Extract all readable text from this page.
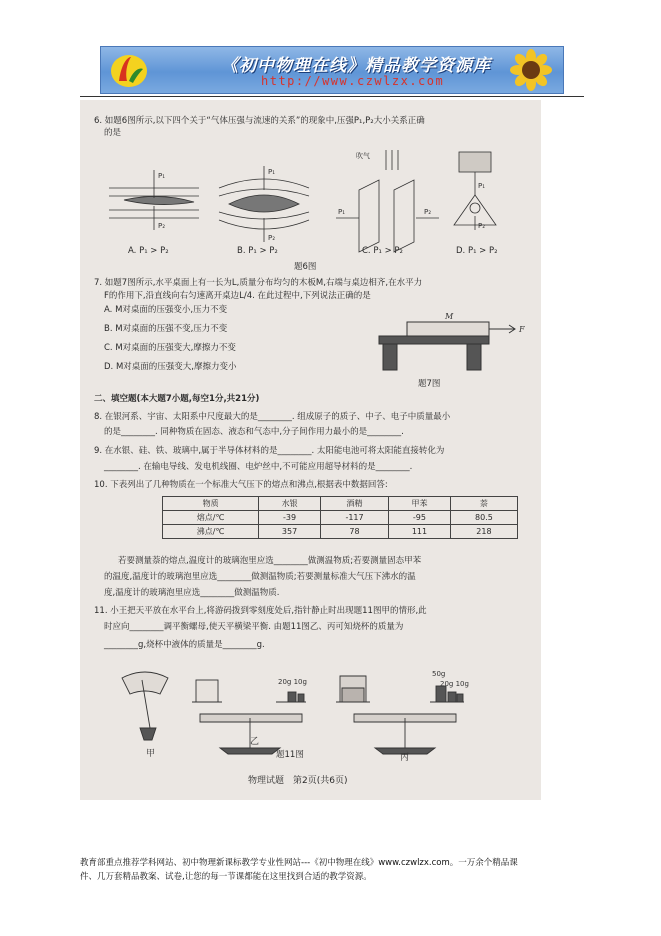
《初中物理在线》精品教学资源库
http://www.czwlzx.com
6. 如题6图所示,以下四个关于“气体压强与流速的关系”的现象中,压强P₁,P₂大小关系正确
的是
P₁
P₂
P₁
P₂
P₁	P₂
吹气
P₁
P₂
A. P₁ > P₂	B. P₁ > P₂	C. P₁ > P₂	D. P₁ > P₂
题6图
7. 如题7图所示,水平桌面上有一长为L,质量分布均匀的木板M,右端与桌边相齐,在水平力
F的作用下,沿直线向右匀速离开桌边L/4. 在此过程中,下列说法正确的是
A. M对桌面的压强变小,压力不变
B. M对桌面的压强不变,压力不变
C. M对桌面的压强变大,摩擦力不变
D. M对桌面的压强变大,摩擦力变小
M
F
题7图
二、填空题(本大题7小题,每空1分,共21分)
8. 在银河系、宇宙、太阳系中尺度最大的是________. 组成原子的质子、中子、电子中质量最小
的是________. 同种物质在固态、液态和气态中,分子间作用力最小的是________.
9. 在水银、硅、铁、玻璃中,属于半导体材料的是________. 太阳能电池可将太阳能直接转化为
________. 在输电导线、发电机线圈、电炉丝中,不可能应用超导材料的是________.
10. 下表列出了几种物质在一个标准大气压下的熔点和沸点,根据表中数据回答:
物质	水银	酒精	甲苯	萘
熔点/℃	-39	-117	-95	80.5
沸点/℃	357	78	111	218
若要测量萘的熔点,温度计的玻璃泡里应选________做测温物质;若要测量固态甲苯
的温度,温度计的玻璃泡里应选________做测温物质;若要测量标准大气压下沸水的温
度,温度计的玻璃泡里应选________做测温物质.
11. 小王把天平放在水平台上,将游码拨到零刻度处后,指针静止时出现题11图甲的情形,此
时应向________调平衡螺母,使天平横梁平衡. 由题11图乙、丙可知烧杯的质量为
________g,烧杯中液体的质量是________g.
20g 10g
50g
20g 10g
甲
乙
丙
题11图
物理试题　第2页(共6页)
教育部重点推荐学科网站、初中物理新课标教学专业性网站---《初中物理在线》www.czwlzx.com。一万余个精品课
件、几万套精品教案、试卷,让您的每一节课都能在这里找到合适的教学资源。
